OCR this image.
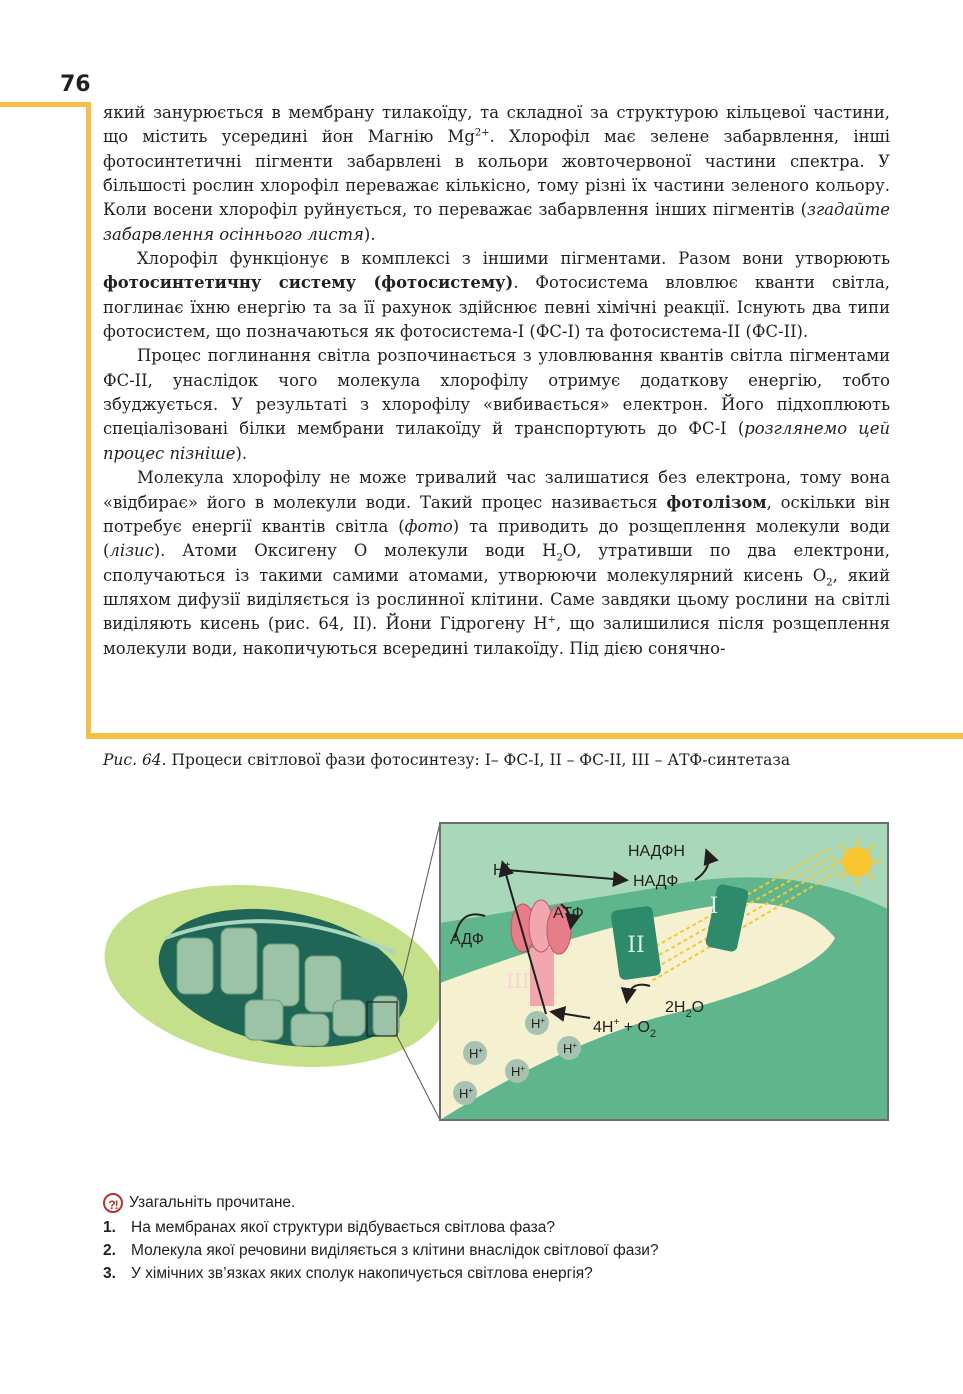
76

який занурюється в мембрану тилакоїду, та складної за структурою кільцевої частини, що містить усередині йон Магнію $Mg^{2+}$. Хлорофіл має зелене забарвлення, інші фотосинтетичні пігменти забарвлені в кольори жовточервоної частини спектра. У більшості рослин хлорофіл переважає кількісно, тому різні їх частини зеленого кольору. Коли восени хлорофіл руйнується, то переважає забарвлення інших пігментів (згадайте забарвлення осіннього листя).

Хлорофіл функціонує в комплексі з іншими пігментами. Разом вони утворюють фотосинтетичну систему (фотосистему). Фотосистема вловлює кванти світла, поглинає їхню енергію та за її рахунок здійснює певні хімічні реакції. Існують два типи фотосистем, що позначаються як фотосистема-І (ФС-І) та фотосистема-ІІ (ФС-ІІ).

Процес поглинання світла розпочинається з уловлювання квантів світла пігментами ФС-ІІ, унаслідок чого молекула хлорофілу отримує додаткову енергію, тобто збуджується. У результаті з хлорофілу «вибивається» електрон. Його підхоплюють спеціалізовані білки мембрани тилакоїду й транспортують до ФС-І (розглянемо цей процес пізніше).

Молекула хлорофілу не може тривалий час залишатися без електрона, тому вона «відбирає» його в молекули води. Такий процес називається фотолізом, оскільки він потребує енергії квантів світла (фото) та приводить до розщеплення молекули води (лізис). Атоми Оксигену О молекули води $Н_2О$, утративши по два електрони, сполучаються із такими самими атомами, утворюючи молекулярний кисень $О_2$, який шляхом дифузії виділяється із рослинної клітини. Саме завдяки цьому рослини на світлі виділяють кисень (рис. 64, ІІ). Йони Гідрогену Н+, що залишилися після розщеплення молекули води, накопичуються всередині тилакоїду. Під дією сонячно-

Рис. 64. Процеси світлової фази фотосинтезу: І– ФС-І, ІІ – ФС-ІІ, ІІІ – АТФ-синтетаза
II
I
III
H+
НАДФН
НАДФ
АТФ
АДФ
$2H_2O$
$4H^+ + O_2$
H+
H+	H+
H+
H+
?! Узагальніть прочитане.
1. На мембранах якої структури відбувається світлова фаза?
2. Молекула якої речовини виділяється з клітини внаслідок світлової фази?
3. У хімічних зв’язках яких сполук накопичується світлова енергія?
